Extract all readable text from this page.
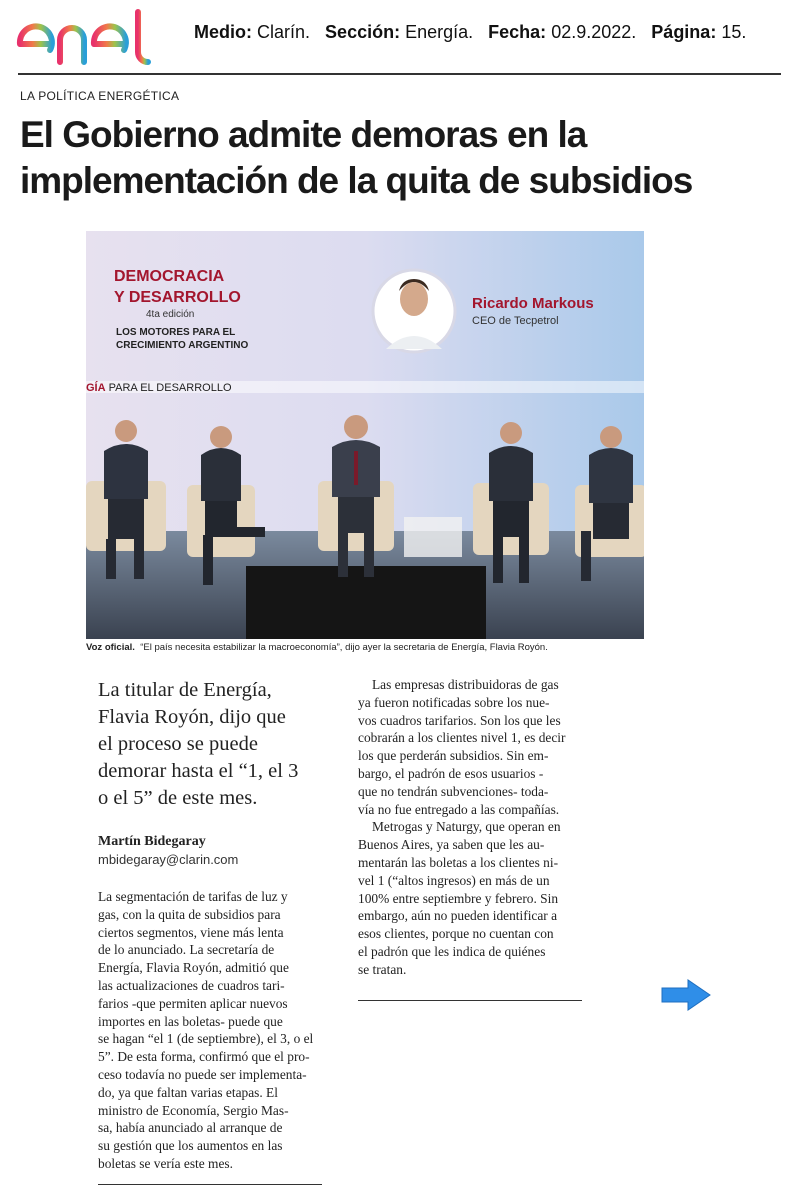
Medio: Clarín. Sección: Energía. Fecha: 02.9.2022. Página: 15.
LA POLÍTICA ENERGÉTICA
El Gobierno admite demoras en la
implementación de la quita de subsidios
DEMOCRACIA
Y DESARROLLO
4ta edición
LOS MOTORES PARA EL
CRECIMIENTO ARGENTINO
GÍA PARA EL DESARROLLO
Ricardo Markous
CEO de Tecpetrol
Voz oficial. “El país necesita estabilizar la macroeconomía”, dijo ayer la secretaria de Energía, Flavia Royón.
La titular de Energía,
Flavia Royón, dijo que
el proceso se puede
demorar hasta el “1, el 3
o el 5” de este mes.
Martín Bidegaray
mbidegaray@clarin.com
La segmentación de tarifas de luz y
gas, con la quita de subsidios para
ciertos segmentos, viene más lenta
de lo anunciado. La secretaría de
Energía, Flavia Royón, admitió que
las actualizaciones de cuadros tari-
farios -que permiten aplicar nuevos
importes en las boletas- puede que
se hagan “el 1 (de septiembre), el 3, o el
5”. De esta forma, confirmó que el pro-
ceso todavía no puede ser implementa-
do, ya que faltan varias etapas. El
ministro de Economía, Sergio Mas-
sa, había anunciado al arranque de
su gestión que los aumentos en las
boletas se vería este mes.
Las empresas distribuidoras de gas
ya fueron notificadas sobre los nue-
vos cuadros tarifarios. Son los que les
cobrarán a los clientes nivel 1, es decir
los que perderán subsidios. Sin em-
bargo, el padrón de esos usuarios -
que no tendrán subvenciones- toda-
vía no fue entregado a las compañías.
Metrogas y Naturgy, que operan en
Buenos Aires, ya saben que les au-
mentarán las boletas a los clientes ni-
vel 1 (“altos ingresos) en más de un
100% entre septiembre y febrero. Sin
embargo, aún no pueden identificar a
esos clientes, porque no cuentan con
el padrón que les indica de quiénes
se tratan.
